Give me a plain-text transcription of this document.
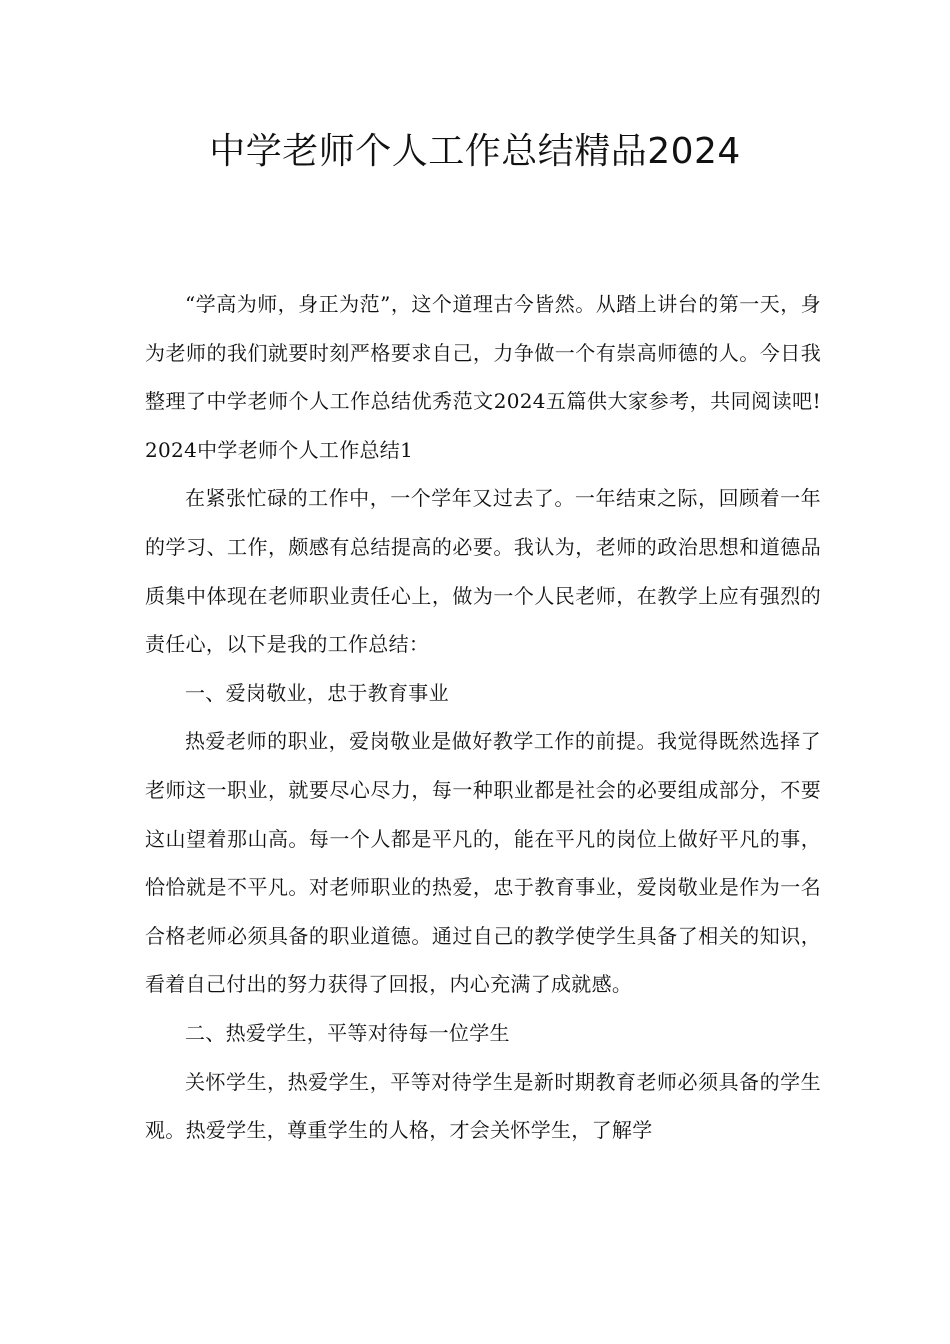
中学老师个人工作总结精品2024

“学高为师，身正为范”，这个道理古今皆然。从踏上讲台的第一天，身为老师的我们就要时刻严格要求自己，力争做一个有崇高师德的人。今日我整理了中学老师个人工作总结优秀范文2024五篇供大家参考，共同阅读吧!2024中学老师个人工作总结1

在紧张忙碌的工作中，一个学年又过去了。一年结束之际，回顾着一年的学习、工作，颇感有总结提高的必要。我认为，老师的政治思想和道德品质集中体现在老师职业责任心上，做为一个人民老师，在教学上应有强烈的责任心，以下是我的工作总结：

一、爱岗敬业，忠于教育事业

热爱老师的职业，爱岗敬业是做好教学工作的前提。我觉得既然选择了老师这一职业，就要尽心尽力，每一种职业都是社会的必要组成部分，不要这山望着那山高。每一个人都是平凡的，能在平凡的岗位上做好平凡的事，恰恰就是不平凡。对老师职业的热爱，忠于教育事业，爱岗敬业是作为一名合格老师必须具备的职业道德。通过自己的教学使学生具备了相关的知识，看着自己付出的努力获得了回报，内心充满了成就感。

二、热爱学生，平等对待每一位学生

关怀学生，热爱学生，平等对待学生是新时期教育老师必须具备的学生观。热爱学生，尊重学生的人格，才会关怀学生，了解学
